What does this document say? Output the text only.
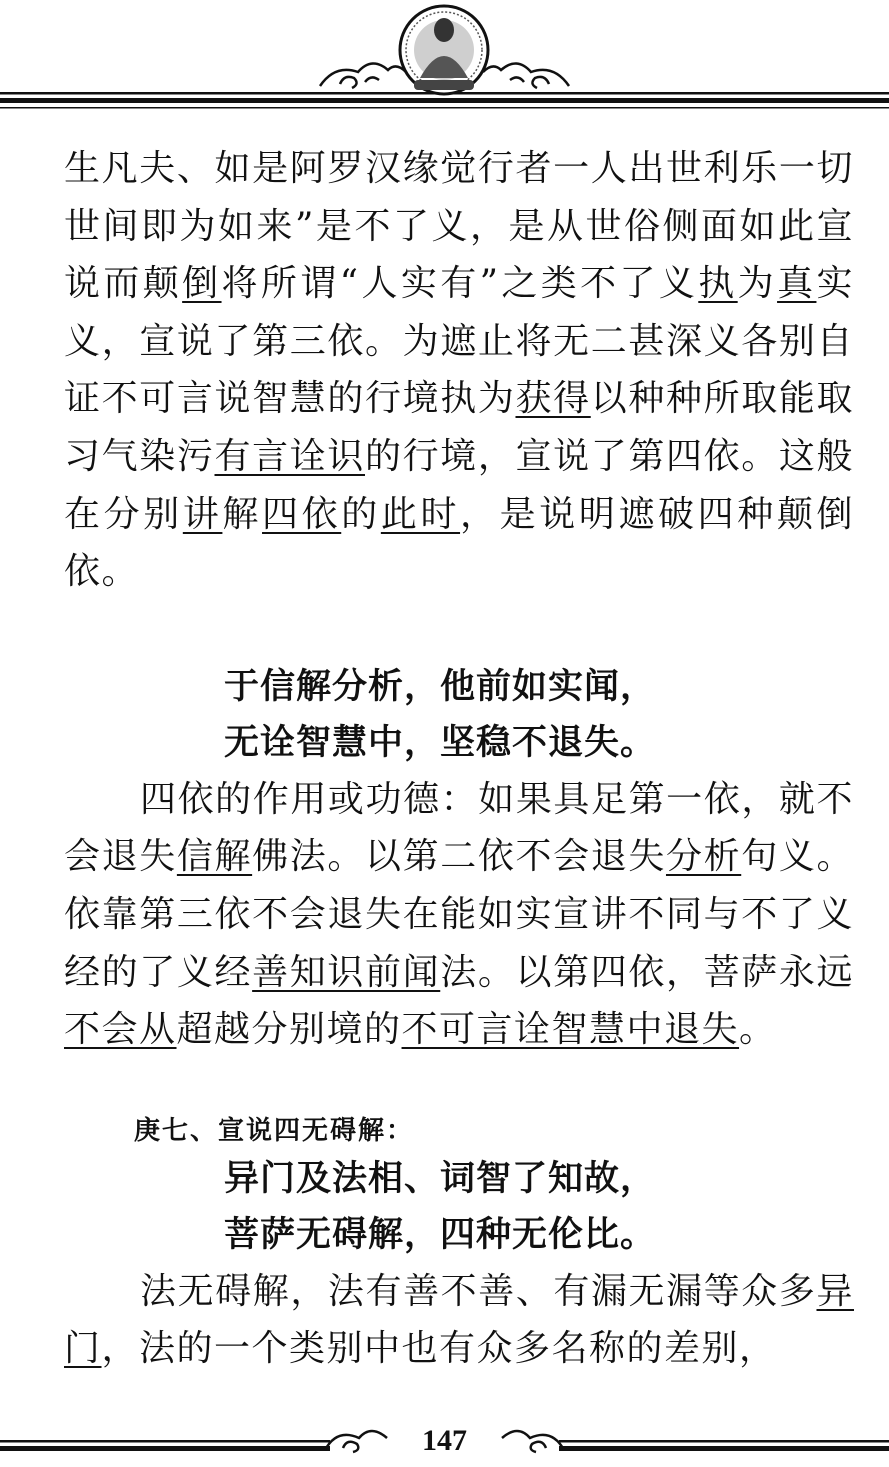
生凡夫、如是阿罗汉缘觉行者一人出世利乐一切世间即为如来”是不了义，是从世俗侧面如此宣说而颠倒将所谓“人实有”之类不了义执为真实义，宣说了第三依。为遮止将无二甚深义各别自证不可言说智慧的行境执为获得以种种所取能取习气染污有言诠识的行境，宣说了第四依。这般在分别讲解四依的此时，是说明遮破四种颠倒依。

于信解分析，他前如实闻，

无诠智慧中，坚稳不退失。

四依的作用或功德：如果具足第一依，就不会退失信解佛法。以第二依不会退失分析句义。依靠第三依不会退失在能如实宣讲不同与不了义经的了义经善知识前闻法。以第四依，菩萨永远不会从超越分别境的不可言诠智慧中退失。

庚七、宣说四无碍解：

异门及法相、词智了知故，

菩萨无碍解，四种无伦比。

法无碍解，法有善不善、有漏无漏等众多异门，法的一个类别中也有众多名称的差别，

147
